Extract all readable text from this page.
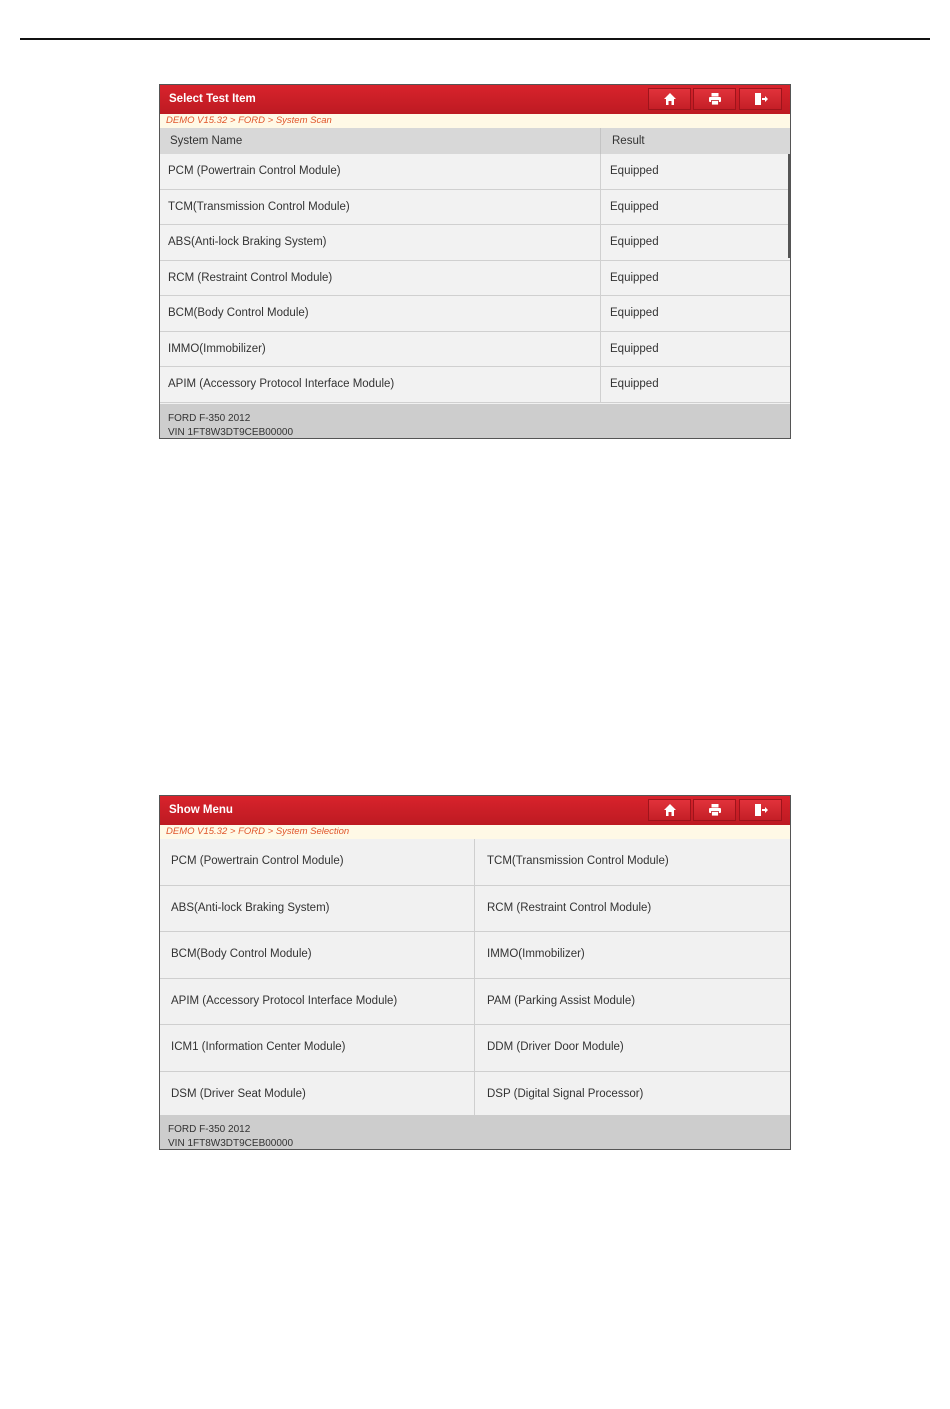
Select Test Item
DEMO V15.32 > FORD > System Scan
System Name	Result
PCM (Powertrain Control Module)	Equipped
TCM(Transmission Control Module)	Equipped
ABS(Anti-lock Braking System)	Equipped
RCM (Restraint Control Module)	Equipped
BCM(Body Control Module)	Equipped
IMMO(Immobilizer)	Equipped
APIM (Accessory Protocol Interface Module)	Equipped
FORD F-350 2012
VIN 1FT8W3DT9CEB00000
Show Menu
DEMO V15.32 > FORD > System Selection
PCM (Powertrain Control Module)	TCM(Transmission Control Module)
ABS(Anti-lock Braking System)	RCM (Restraint Control Module)
BCM(Body Control Module)	IMMO(Immobilizer)
APIM (Accessory Protocol Interface Module)	PAM (Parking Assist Module)
ICM1 (Information Center Module)	DDM (Driver Door Module)
DSM (Driver Seat Module)	DSP (Digital Signal Processor)
FORD F-350 2012
VIN 1FT8W3DT9CEB00000
